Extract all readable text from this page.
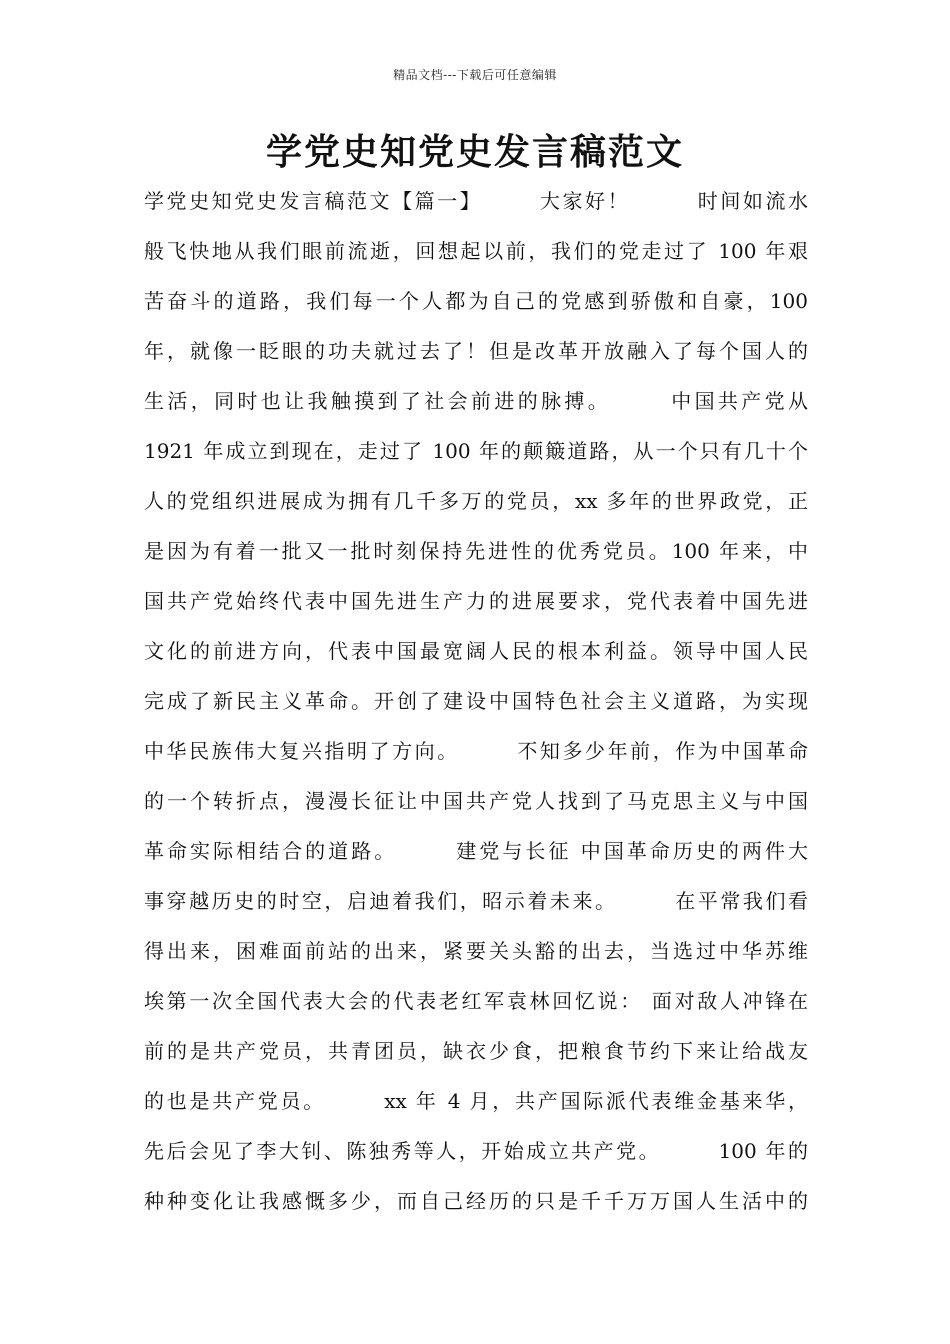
精品文档---下载后可任意编辑
学党史知党史发言稿范文
学党史知党史发言稿范文【篇一】　　　大家好！　　　时间如流水
般飞快地从我们眼前流逝，回想起以前，我们的党走过了 100 年艰
苦奋斗的道路，我们每一个人都为自己的党感到骄傲和自豪，100
年，就像一眨眼的功夫就过去了！但是改革开放融入了每个国人的
生活，同时也让我触摸到了社会前进的脉搏。　　　中国共产党从
1921 年成立到现在，走过了 100 年的颠簸道路，从一个只有几十个
人的党组织进展成为拥有几千多万的党员，xx 多年的世界政党，正
是因为有着一批又一批时刻保持先进性的优秀党员。100 年来，中
国共产党始终代表中国先进生产力的进展要求，党代表着中国先进
文化的前进方向，代表中国最宽阔人民的根本利益。领导中国人民
完成了新民主义革命。开创了建设中国特色社会主义道路，为实现
中华民族伟大复兴指明了方向。　　　不知多少年前，作为中国革命
的一个转折点，漫漫长征让中国共产党人找到了马克思主义与中国
革命实际相结合的道路。　　　建党与长征 中国革命历史的两件大
事穿越历史的时空，启迪着我们，昭示着未来。　　　在平常我们看
得出来，困难面前站的出来，紧要关头豁的出去，当选过中华苏维
埃第一次全国代表大会的代表老红军袁林回忆说： 面对敌人冲锋在
前的是共产党员，共青团员，缺衣少食，把粮食节约下来让给战友
的也是共产党员。　　　xx 年 4 月，共产国际派代表维金基来华，
先后会见了李大钊、陈独秀等人，开始成立共产党。　　　100 年的
种种变化让我感慨多少，而自己经历的只是千千万万国人生活中的
